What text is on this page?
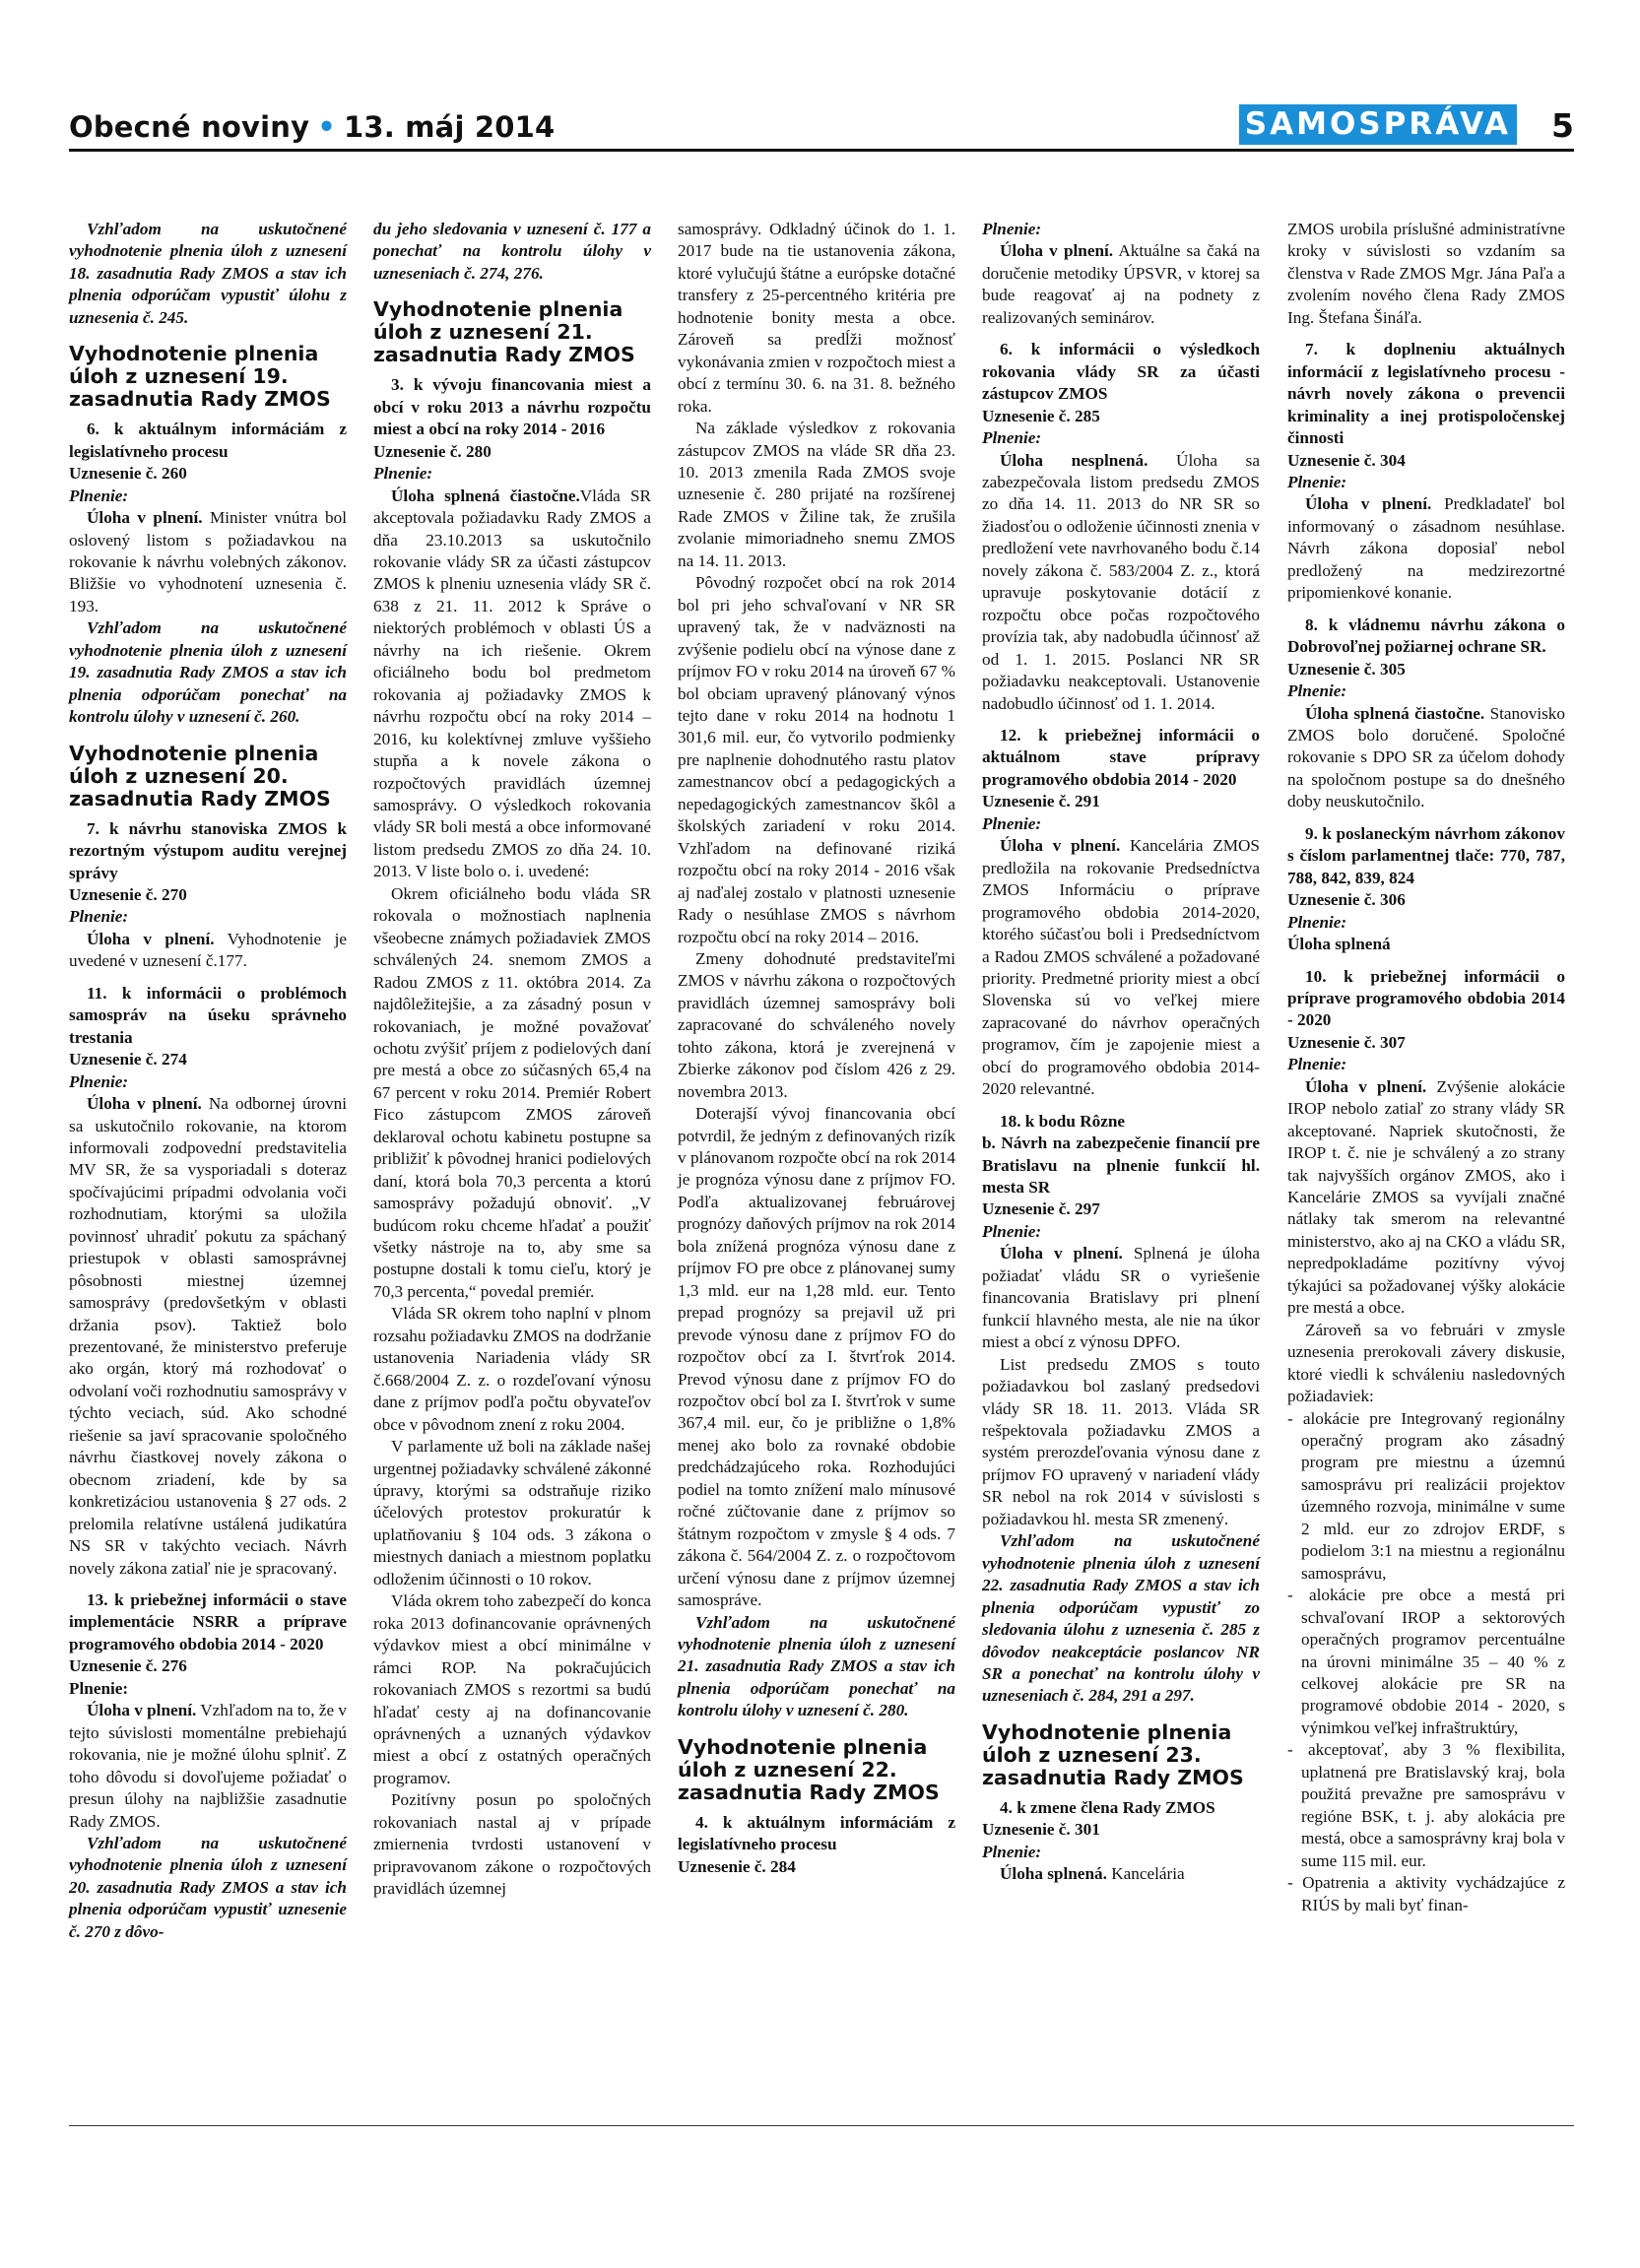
Obecné noviny • 13. máj 2014	SAMOSPRÁVA 5

Vzhľadom na uskutočnené vyhodnotenie plnenia úloh z uznesení 18. zasadnutia Rady ZMOS a stav ich plnenia odporúčam vypustiť úlohu z uznesenia č. 245.

Vyhodnotenie plnenia úloh z uznesení 19. zasadnutia Rady ZMOS

6. k aktuálnym informáciám z legislatívneho procesu

Uznesenie č. 260

Plnenie:

Úloha v plnení. Minister vnútra bol oslovený listom s požiadavkou na rokovanie k návrhu volebných zákonov. Bližšie vo vyhodnotení uznesenia č. 193.

Vzhľadom na uskutočnené vyhodnotenie plnenia úloh z uznesení 19. zasadnutia Rady ZMOS a stav ich plnenia odporúčam ponechať na kontrolu úlohy v uznesení č. 260.

Vyhodnotenie plnenia úloh z uznesení 20. zasadnutia Rady ZMOS

7. k návrhu stanoviska ZMOS k rezortným výstupom auditu verejnej správy

Uznesenie č. 270

Plnenie:

Úloha v plnení. Vyhodnotenie je uvedené v uznesení č.177.

11. k informácii o problémoch samospráv na úseku správneho trestania

Uznesenie č. 274

Plnenie:

Úloha v plnení. Na odbornej úrovni sa uskutočnilo rokovanie, na ktorom informovali zodpovední predstavitelia MV SR, že sa vysporiadali s doteraz spočívajúcimi prípadmi odvolania voči rozhodnutiam, ktorými sa uložila povinnosť uhradiť pokutu za spáchaný priestupok v oblasti samosprávnej pôsobnosti miestnej územnej samosprávy (predovšetkým v oblasti držania psov). Taktiež bolo prezentované, že ministerstvo preferuje ako orgán, ktorý má rozhodovať o odvolaní voči rozhodnutiu samosprávy v týchto veciach, súd. Ako schodné riešenie sa javí spracovanie spoločného návrhu čiastkovej novely zákona o obecnom zriadení, kde by sa konkretizáciou ustanovenia § 27 ods. 2 prelomila relatívne ustálená judikatúra NS SR v takýchto veciach. Návrh novely zákona zatiaľ nie je spracovaný.

13. k priebežnej informácii o stave implementácie NSRR a príprave programového obdobia 2014 - 2020

Uznesenie č. 276

Plnenie:

Úloha v plnení. Vzhľadom na to, že v tejto súvislosti momentálne prebiehajú rokovania, nie je možné úlohu splniť. Z toho dôvodu si dovoľujeme požiadať o presun úlohy na najbližšie zasadnutie Rady ZMOS.

Vzhľadom na uskutočnené vyhodnotenie plnenia úloh z uznesení 20. zasadnutia Rady ZMOS a stav ich plnenia odporúčam vypustiť uznesenie č. 270 z dôvo-

du jeho sledovania v uznesení č. 177 a ponechať na kontrolu úlohy v uzneseniach č. 274, 276.

Vyhodnotenie plnenia úloh z uznesení 21. zasadnutia Rady ZMOS

3. k vývoju financovania miest a obcí v roku 2013 a návrhu rozpočtu miest a obcí na roky 2014 - 2016

Uznesenie č. 280

Plnenie:

Úloha splnená čiastočne.Vláda SR akceptovala požiadavku Rady ZMOS a dňa 23.10.2013 sa uskutočnilo rokovanie vlády SR za účasti zástupcov ZMOS k plneniu uznesenia vlády SR č. 638 z 21. 11. 2012 k Správe o niektorých problémoch v oblasti ÚS a návrhy na ich riešenie. Okrem oficiálneho bodu bol predmetom rokovania aj požiadavky ZMOS k návrhu rozpočtu obcí na roky 2014 – 2016, ku kolektívnej zmluve vyššieho stupňa a k novele zákona o rozpočtových pravidlách územnej samosprávy. O výsledkoch rokovania vlády SR boli mestá a obce informované listom predsedu ZMOS zo dňa 24. 10. 2013. V liste bolo o. i. uvedené:

Okrem oficiálneho bodu vláda SR rokovala o možnostiach naplnenia všeobecne známych požiadaviek ZMOS schválených 24. snemom ZMOS a Radou ZMOS z 11. októbra 2014. Za najdôležitejšie, a za zásadný posun v rokovaniach, je možné považovať ochotu zvýšiť príjem z podielových daní pre mestá a obce zo súčasných 65,4 na 67 percent v roku 2014. Premiér Robert Fico zástupcom ZMOS zároveň deklaroval ochotu kabinetu postupne sa približiť k pôvodnej hranici podielových daní, ktorá bola 70,3 percenta a ktorú samosprávy požadujú obnoviť. „V budúcom roku chceme hľadať a použiť všetky nástroje na to, aby sme sa postupne dostali k tomu cieľu, ktorý je 70,3 percenta,“ povedal premiér.

Vláda SR okrem toho naplní v plnom rozsahu požiadavku ZMOS na dodržanie ustanovenia Nariadenia vlády SR č.668/2004 Z. z. o rozdeľovaní výnosu dane z príjmov podľa počtu obyvateľov obce v pôvodnom znení z roku 2004.

V parlamente už boli na základe našej urgentnej požiadavky schválené zákonné úpravy, ktorými sa odstraňuje riziko účelových protestov prokuratúr k uplatňovaniu § 104 ods. 3 zákona o miestnych daniach a miestnom poplatku odloženim účinnosti o 10 rokov.

Vláda okrem toho zabezpečí do konca roka 2013 dofinancovanie oprávnených výdavkov miest a obcí minimálne v rámci ROP. Na pokračujúcich rokovaniach ZMOS s rezortmi sa budú hľadať cesty aj na dofinancovanie oprávnených a uznaných výdavkov miest a obcí z ostatných operačných programov.

Pozitívny posun po spoločných rokovaniach nastal aj v prípade zmiernenia tvrdosti ustanovení v pripravovanom zákone o rozpočtových pravidlách územnej

samosprávy. Odkladný účinok do 1. 1. 2017 bude na tie ustanovenia zákona, ktoré vylučujú štátne a európske dotačné transfery z 25-percentného kritéria pre hodnotenie bonity mesta a obce. Zároveň sa predĺži možnosť vykonávania zmien v rozpočtoch miest a obcí z termínu 30. 6. na 31. 8. bežného roka.

Na základe výsledkov z rokovania zástupcov ZMOS na vláde SR dňa 23. 10. 2013 zmenila Rada ZMOS svoje uznesenie č. 280 prijaté na rozšírenej Rade ZMOS v Žiline tak, že zrušila zvolanie mimoriadneho snemu ZMOS na 14. 11. 2013.

Pôvodný rozpočet obcí na rok 2014 bol pri jeho schvaľovaní v NR SR upravený tak, že v nadväznosti na zvýšenie podielu obcí na výnose dane z príjmov FO v roku 2014 na úroveň 67 % bol obciam upravený plánovaný výnos tejto dane v roku 2014 na hodnotu 1 301,6 mil. eur, čo vytvorilo podmienky pre naplnenie dohodnutého rastu platov zamestnancov obcí a pedagogických a nepedagogických zamestnancov škôl a školských zariadení v roku 2014. Vzhľadom na definované riziká rozpočtu obcí na roky 2014 - 2016 však aj naďalej zostalo v platnosti uznesenie Rady o nesúhlase ZMOS s návrhom rozpočtu obcí na roky 2014 – 2016.

Zmeny dohodnuté predstaviteľmi ZMOS v návrhu zákona o rozpočtových pravidlách územnej samosprávy boli zapracované do schváleného novely tohto zákona, ktorá je zverejnená v Zbierke zákonov pod číslom 426 z 29. novembra 2013.

Doterajší vývoj financovania obcí potvrdil, že jedným z definovaných rizík v plánovanom rozpočte obcí na rok 2014 je prognóza výnosu dane z príjmov FO. Podľa aktualizovanej februárovej prognózy daňových príjmov na rok 2014 bola znížená prognóza výnosu dane z príjmov FO pre obce z plánovanej sumy 1,3 mld. eur na 1,28 mld. eur. Tento prepad prognózy sa prejavil už pri prevode výnosu dane z príjmov FO do rozpočtov obcí za I. štvrťrok 2014. Prevod výnosu dane z príjmov FO do rozpočtov obcí bol za I. štvrťrok v sume 367,4 mil. eur, čo je približne o 1,8% menej ako bolo za rovnaké obdobie predchádzajúceho roka. Rozhodujúci podiel na tomto znížení malo mínusové ročné zúčtovanie dane z príjmov so štátnym rozpočtom v zmysle § 4 ods. 7 zákona č. 564/2004 Z. z. o rozpočtovom určení výnosu dane z príjmov územnej samospráve.

Vzhľadom na uskutočnené vyhodnotenie plnenia úloh z uznesení 21. zasadnutia Rady ZMOS a stav ich plnenia odporúčam ponechať na kontrolu úlohy v uznesení č. 280.

Vyhodnotenie plnenia úloh z uznesení 22. zasadnutia Rady ZMOS

4. k aktuálnym informáciám z legislatívneho procesu

Uznesenie č. 284

Plnenie:

Úloha v plnení. Aktuálne sa čaká na doručenie metodiky ÚPSVR, v ktorej sa bude reagovať aj na podnety z realizovaných seminárov.

6. k informácii o výsledkoch rokovania vlády SR za účasti zástupcov ZMOS

Uznesenie č. 285

Plnenie:

Úloha nesplnená. Úloha sa zabezpečovala listom predsedu ZMOS zo dňa 14. 11. 2013 do NR SR so žiadosťou o odloženie účinnosti znenia v predložení vete navrhovaného bodu č.14 novely zákona č. 583/2004 Z. z., ktorá upravuje poskytovanie dotácií z rozpočtu obce počas rozpočtového provízia tak, aby nadobudla účinnosť až od 1. 1. 2015. Poslanci NR SR požiadavku neakceptovali. Ustanovenie nadobudlo účinnosť od 1. 1. 2014.

12. k priebežnej informácii o aktuálnom stave prípravy programového obdobia 2014 - 2020

Uznesenie č. 291

Plnenie:

Úloha v plnení. Kancelária ZMOS predložila na rokovanie Predsedníctva ZMOS Informáciu o príprave programového obdobia 2014-2020, ktorého súčasťou boli i Predsedníctvom a Radou ZMOS schválené a požadované priority. Predmetné priority miest a obcí Slovenska sú vo veľkej miere zapracované do návrhov operačných programov, čím je zapojenie miest a obcí do programového obdobia 2014-2020 relevantné.

18. k bodu Rôzne

b. Návrh na zabezpečenie financií pre Bratislavu na plnenie funkcií hl. mesta SR

Uznesenie č. 297

Plnenie:

Úloha v plnení. Splnená je úloha požiadať vládu SR o vyriešenie financovania Bratislavy pri plnení funkcií hlavného mesta, ale nie na úkor miest a obcí z výnosu DPFO.

List predsedu ZMOS s touto požiadavkou bol zaslaný predsedovi vlády SR 18. 11. 2013. Vláda SR rešpektovala požiadavku ZMOS a systém prerozdeľovania výnosu dane z príjmov FO upravený v nariadení vlády SR nebol na rok 2014 v súvislosti s požiadavkou hl. mesta SR zmenený.

Vzhľadom na uskutočnené vyhodnotenie plnenia úloh z uznesení 22. zasadnutia Rady ZMOS a stav ich plnenia odporúčam vypustiť zo sledovania úlohu z uznesenia č. 285 z dôvodov neakceptácie poslancov NR SR a ponechať na kontrolu úlohy v uzneseniach č. 284, 291 a 297.

Vyhodnotenie plnenia úloh z uznesení 23. zasadnutia Rady ZMOS

4. k zmene člena Rady ZMOS

Uznesenie č. 301

Plnenie:

Úloha splnená. Kancelária

ZMOS urobila príslušné administratívne kroky v súvislosti so vzdaním sa členstva v Rade ZMOS Mgr. Jána Paľa a zvolením nového člena Rady ZMOS Ing. Štefana Šináľa.

7. k doplneniu aktuálnych informácií z legislatívneho procesu - návrh novely zákona o prevencii kriminality a inej protispoločenskej činnosti

Uznesenie č. 304

Plnenie:

Úloha v plnení. Predkladateľ bol informovaný o zásadnom nesúhlase. Návrh zákona doposiaľ nebol predložený na medzirezortné pripomienkové konanie.

8. k vládnemu návrhu zákona o Dobrovoľnej požiarnej ochrane SR.

Uznesenie č. 305

Plnenie:

Úloha splnená čiastočne. Stanovisko ZMOS bolo doručené. Spoločné rokovanie s DPO SR za účelom dohody na spoločnom postupe sa do dnešného doby neuskutočnilo.

9. k poslaneckým návrhom zákonov s číslom parlamentnej tlače: 770, 787, 788, 842, 839, 824

Uznesenie č. 306

Plnenie:

Úloha splnená

10. k priebežnej informácii o príprave programového obdobia 2014 - 2020

Uznesenie č. 307

Plnenie:

Úloha v plnení. Zvýšenie alokácie IROP nebolo zatiaľ zo strany vlády SR akceptované. Napriek skutočnosti, že IROP t. č. nie je schválený a zo strany tak najvyšších orgánov ZMOS, ako i Kancelárie ZMOS sa vyvíjali značné nátlaky tak smerom na relevantné ministerstvo, ako aj na CKO a vládu SR, nepredpokladáme pozitívny vývoj týkajúci sa požadovanej výšky alokácie pre mestá a obce.

Zároveň sa vo februári v zmysle uznesenia prerokovali závery diskusie, ktoré viedli k schváleniu nasledovných požiadaviek:

- alokácie pre Integrovaný regionálny operačný program ako zásadný program pre miestnu a územnú samosprávu pri realizácii projektov územného rozvoja, minimálne v sume 2 mld. eur zo zdrojov ERDF, s podielom 3:1 na miestnu a regionálnu samosprávu,

- alokácie pre obce a mestá pri schvaľovaní IROP a sektorových operačných programov percentuálne na úrovni minimálne 35 – 40 % z celkovej alokácie pre SR na programové obdobie 2014 - 2020, s výnimkou veľkej infraštruktúry,

- akceptovať, aby 3 % flexibilita, uplatnená pre Bratislavský kraj, bola použitá prevažne pre samosprávu v regióne BSK, t. j. aby alokácia pre mestá, obce a samosprávny kraj bola v sume 115 mil. eur.

- Opatrenia a aktivity vychádzajúce z RIÚS by mali byť finan-
